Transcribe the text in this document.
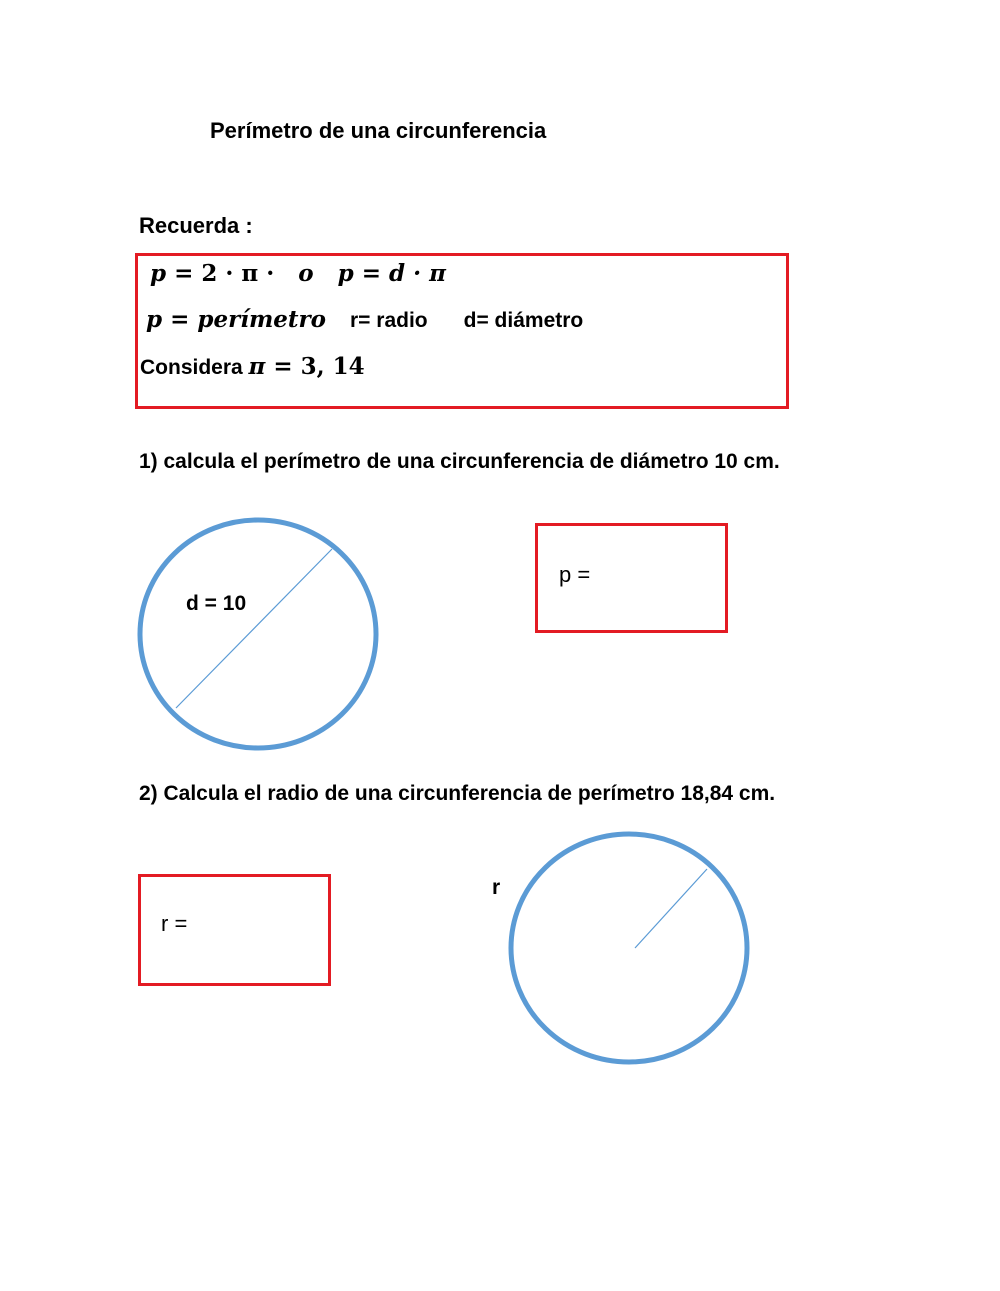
Perímetro de una circunferencia
Recuerda :
p = 2 · π · o p = d · π
p = perímetro r= radio d= diámetro
Considera π = 3, 14
1) calcula el perímetro de una circunferencia de diámetro 10 cm.
d = 10
p =
2) Calcula el radio de una circunferencia de perímetro 18,84 cm.
r =
r
